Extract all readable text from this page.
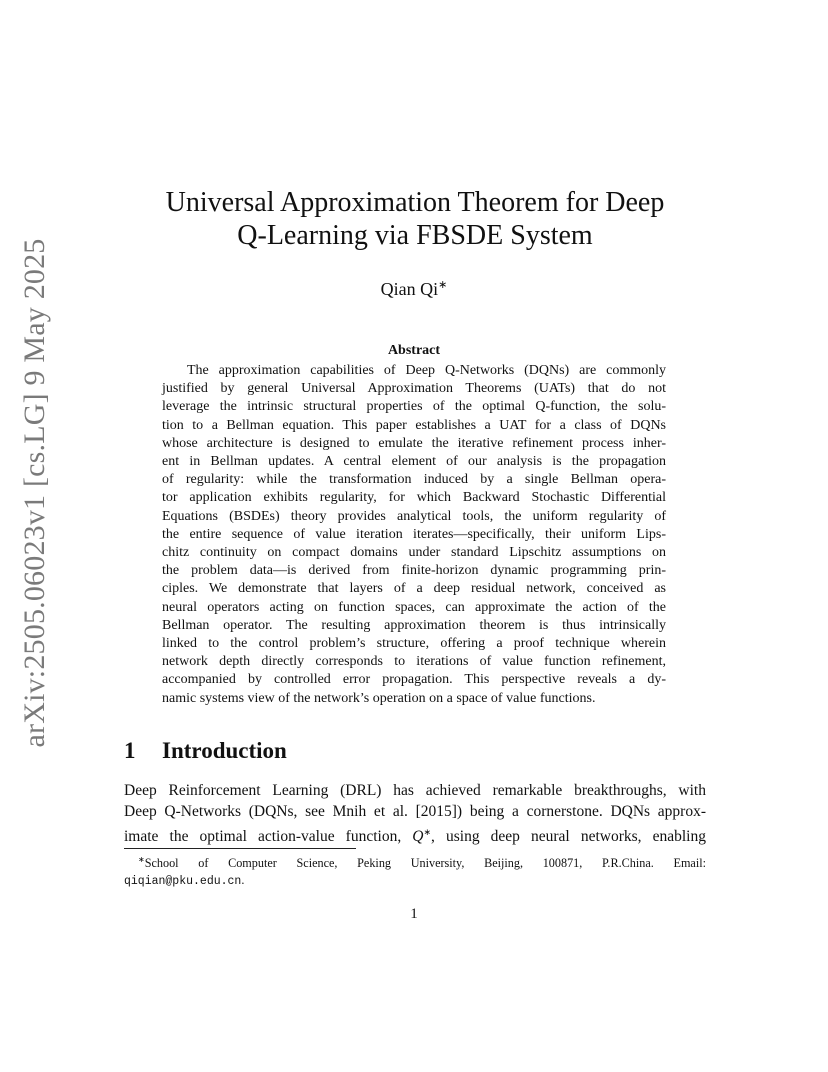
arXiv:2505.06023v1 [cs.LG] 9 May 2025
Universal Approximation Theorem for Deep
Q-Learning via FBSDE System
Qian Qi∗
Abstract
The approximation capabilities of Deep Q-Networks (DQNs) are commonly
justified by general Universal Approximation Theorems (UATs) that do not
leverage the intrinsic structural properties of the optimal Q-function, the solu-
tion to a Bellman equation. This paper establishes a UAT for a class of DQNs
whose architecture is designed to emulate the iterative refinement process inher-
ent in Bellman updates. A central element of our analysis is the propagation
of regularity: while the transformation induced by a single Bellman opera-
tor application exhibits regularity, for which Backward Stochastic Differential
Equations (BSDEs) theory provides analytical tools, the uniform regularity of
the entire sequence of value iteration iterates—specifically, their uniform Lips-
chitz continuity on compact domains under standard Lipschitz assumptions on
the problem data—is derived from finite-horizon dynamic programming prin-
ciples. We demonstrate that layers of a deep residual network, conceived as
neural operators acting on function spaces, can approximate the action of the
Bellman operator. The resulting approximation theorem is thus intrinsically
linked to the control problem’s structure, offering a proof technique wherein
network depth directly corresponds to iterations of value function refinement,
accompanied by controlled error propagation. This perspective reveals a dy-
namic systems view of the network’s operation on a space of value functions.
1 Introduction
Deep Reinforcement Learning (DRL) has achieved remarkable breakthroughs, with
Deep Q-Networks (DQNs, see Mnih et al. [2015]) being a cornerstone. DQNs approx-
imate the optimal action-value function, Q∗, using deep neural networks, enabling
∗School of Computer Science, Peking University, Beijing, 100871, P.R.China. Email:
qiqian@pku.edu.cn.
1
